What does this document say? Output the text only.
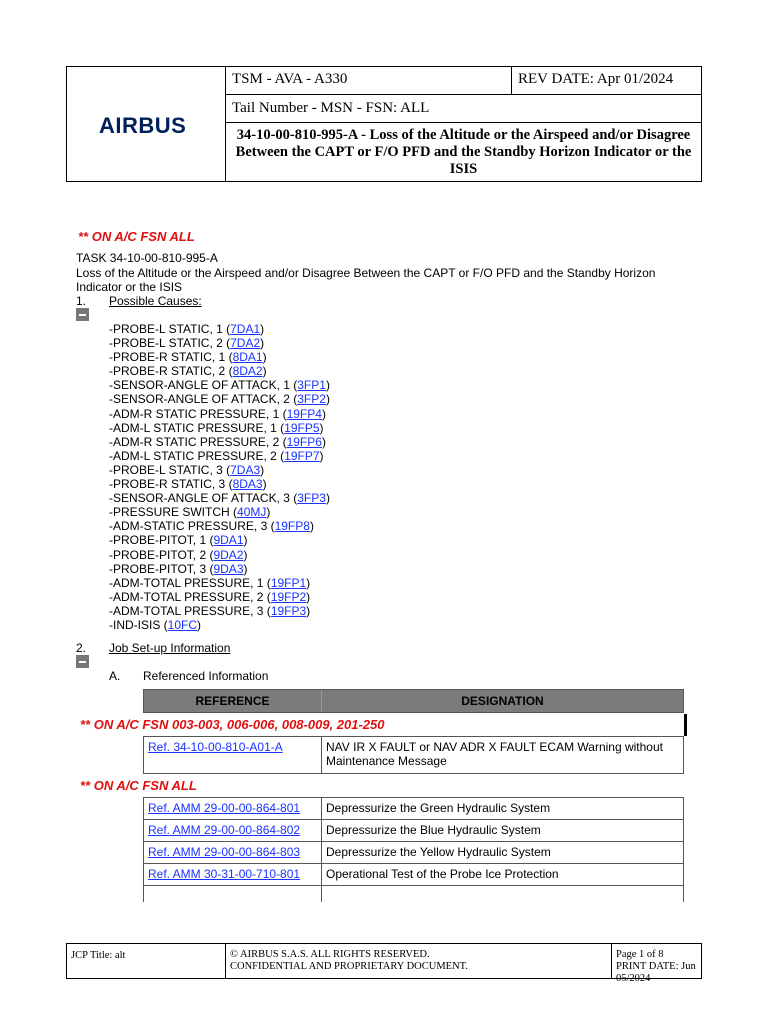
AIRBUS
TSM - AVA - A330	REV DATE: Apr 01/2024
Tail Number - MSN - FSN: ALL
34-10-00-810-995-A - Loss of the Altitude or the Airspeed and/or Disagree Between the CAPT or F/O PFD and the Standby Horizon Indicator or the ISIS
** ON A/C FSN ALL
TASK 34-10-00-810-995-A
Loss of the Altitude or the Airspeed and/or Disagree Between the CAPT or F/O PFD and the Standby Horizon
Indicator or the ISIS
1. Possible Causes:
-PROBE-L STATIC, 1 (7DA1)
-PROBE-L STATIC, 2 (7DA2)
-PROBE-R STATIC, 1 (8DA1)
-PROBE-R STATIC, 2 (8DA2)
-SENSOR-ANGLE OF ATTACK, 1 (3FP1)
-SENSOR-ANGLE OF ATTACK, 2 (3FP2)
-ADM-R STATIC PRESSURE, 1 (19FP4)
-ADM-L STATIC PRESSURE, 1 (19FP5)
-ADM-R STATIC PRESSURE, 2 (19FP6)
-ADM-L STATIC PRESSURE, 2 (19FP7)
-PROBE-L STATIC, 3 (7DA3)
-PROBE-R STATIC, 3 (8DA3)
-SENSOR-ANGLE OF ATTACK, 3 (3FP3)
-PRESSURE SWITCH (40MJ)
-ADM-STATIC PRESSURE, 3 (19FP8)
-PROBE-PITOT, 1 (9DA1)
-PROBE-PITOT, 2 (9DA2)
-PROBE-PITOT, 3 (9DA3)
-ADM-TOTAL PRESSURE, 1 (19FP1)
-ADM-TOTAL PRESSURE, 2 (19FP2)
-ADM-TOTAL PRESSURE, 3 (19FP3)
-IND-ISIS (10FC)
2. Job Set-up Information
A. Referenced Information
REFERENCE	DESIGNATION
** ON A/C FSN 003-003, 006-006, 008-009, 201-250
Ref. 34-10-00-810-A01-A	NAV IR X FAULT or NAV ADR X FAULT ECAM Warning without Maintenance Message
** ON A/C FSN ALL
Ref. AMM 29-00-00-864-801	Depressurize the Green Hydraulic System
Ref. AMM 29-00-00-864-802	Depressurize the Blue Hydraulic System
Ref. AMM 29-00-00-864-803	Depressurize the Yellow Hydraulic System
Ref. AMM 30-31-00-710-801	Operational Test of the Probe Ice Protection
JCP Title: alt	© AIRBUS S.A.S. ALL RIGHTS RESERVED.
CONFIDENTIAL AND PROPRIETARY DOCUMENT.
Page 1 of 8
PRINT DATE: Jun 05/2024
